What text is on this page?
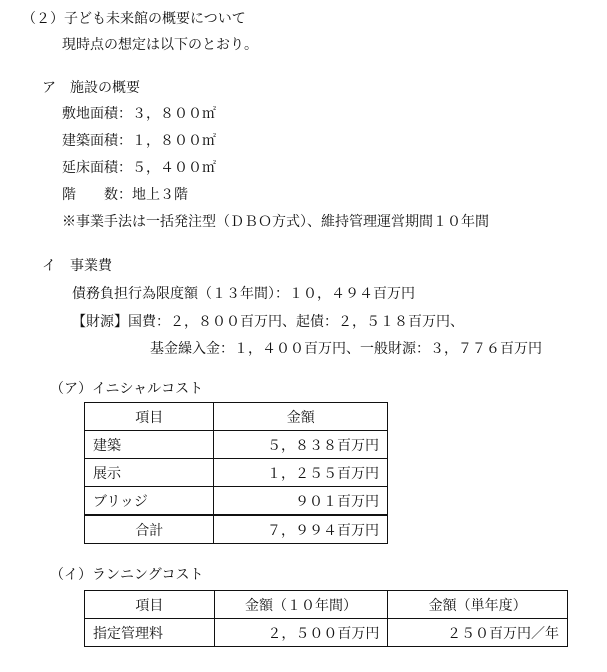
（２）子ども未来館の概要について
現時点の想定は以下のとおり。
ア　施設の概要
敷地面積：３，８００㎡
建築面積：１，８００㎡
延床面積：５，４００㎡
階　　数：地上３階
※事業手法は一括発注型（ＤＢＯ方式）、維持管理運営期間１０年間
イ　事業費
債務負担行為限度額（１３年間）：１０，４９４百万円
【財源】国費：２，８００百万円、起債：２，５１８百万円、
基金繰入金：１，４００百万円、一般財源：３，７７６百万円
（ア）イニシャルコスト
項目	金額
建築	５，８３８百万円
展示	１，２５５百万円
ブリッジ	９０１百万円
合計	７，９９４百万円
（イ）ランニングコスト
項目	金額（１０年間）	金額（単年度）
指定管理料	２，５００百万円	２５０百万円／年
